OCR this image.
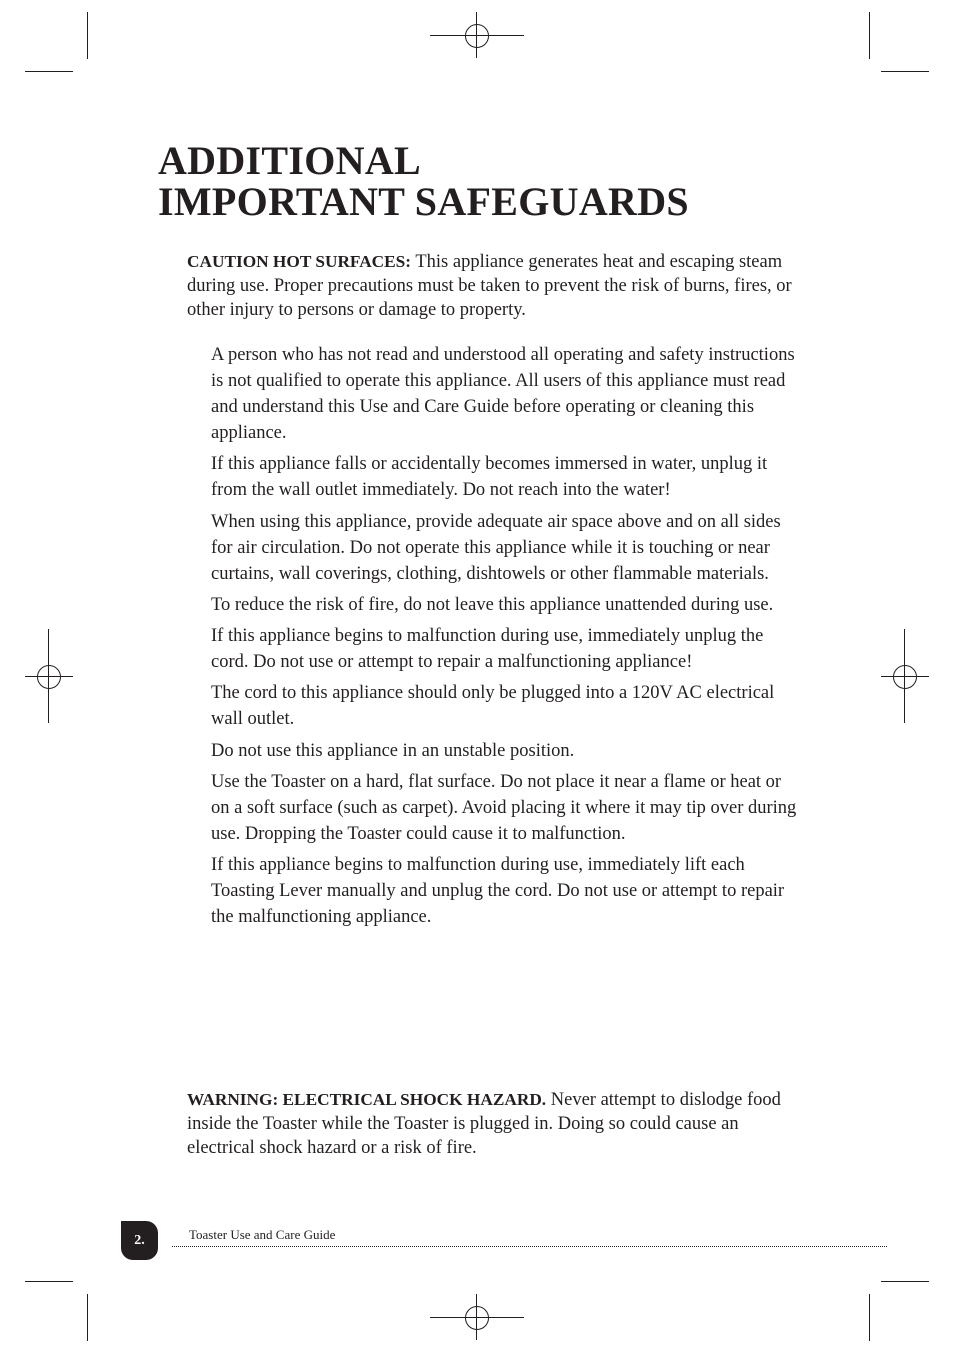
ADDITIONAL
IMPORTANT SAFEGUARDS
CAUTION HOT SURFACES: This appliance generates heat and escaping steam during use. Proper precautions must be taken to prevent the risk of burns, fires, or other injury to persons or damage to property.
A person who has not read and understood all operating and safety instructions is not qualified to operate this appliance. All users of this appliance must read and understand this Use and Care Guide before operating or cleaning this appliance.
If this appliance falls or accidentally becomes immersed in water, unplug it from the wall outlet immediately. Do not reach into the water!
When using this appliance, provide adequate air space above and on all sides for air circulation. Do not operate this appliance while it is touching or near curtains, wall coverings, clothing, dishtowels or other flammable materials.
To reduce the risk of fire, do not leave this appliance unattended during use.
If this appliance begins to malfunction during use, immediately unplug the cord. Do not use or attempt to repair a malfunctioning appliance!
The cord to this appliance should only be plugged into a 120V AC electrical wall outlet.
Do not use this appliance in an unstable position.
Use the Toaster on a hard, flat surface. Do not place it near a flame or heat or on a soft surface (such as carpet). Avoid placing it where it may tip over during use. Dropping the Toaster could cause it to malfunction.
If this appliance begins to malfunction during use, immediately lift each Toasting Lever manually and unplug the cord. Do not use or attempt to repair the malfunctioning appliance.
WARNING: ELECTRICAL SHOCK HAZARD. Never attempt to dislodge food inside the Toaster while the Toaster is plugged in. Doing so could cause an electrical shock hazard or a risk of fire.
2.	Toaster Use and Care Guide
